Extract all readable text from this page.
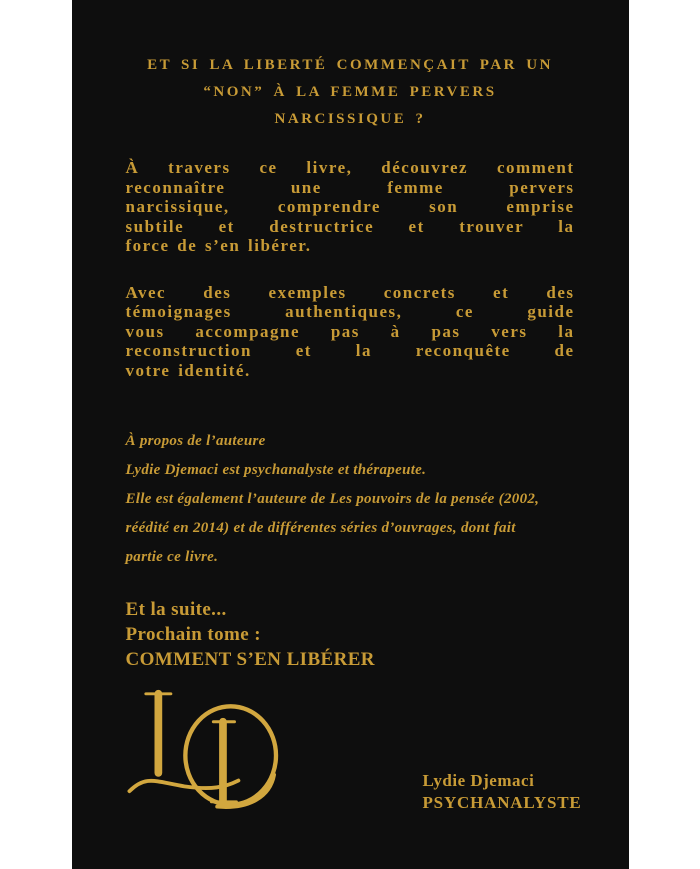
ET SI LA LIBERTÉ COMMENÇAIT PAR UN
“NON” À LA FEMME PERVERS
NARCISSIQUE ?
À travers ce livre, découvrez comment
reconnaître une femme pervers
narcissique, comprendre son emprise
subtile et destructrice et trouver la
force de s’en libérer.
Avec des exemples concrets et des
témoignages authentiques, ce guide
vous accompagne pas à pas vers la
reconstruction et la reconquête de
votre identité.
À propos de l’auteure
Lydie Djemaci est psychanalyste et thérapeute.
Elle est également l’auteure de Les pouvoirs de la pensée (2002,
réédité en 2014) et de différentes séries d’ouvrages, dont fait
partie ce livre.
Et la suite...
Prochain tome :
COMMENT S’EN LIBÉRER
Lydie Djemaci
PSYCHANALYSTE
